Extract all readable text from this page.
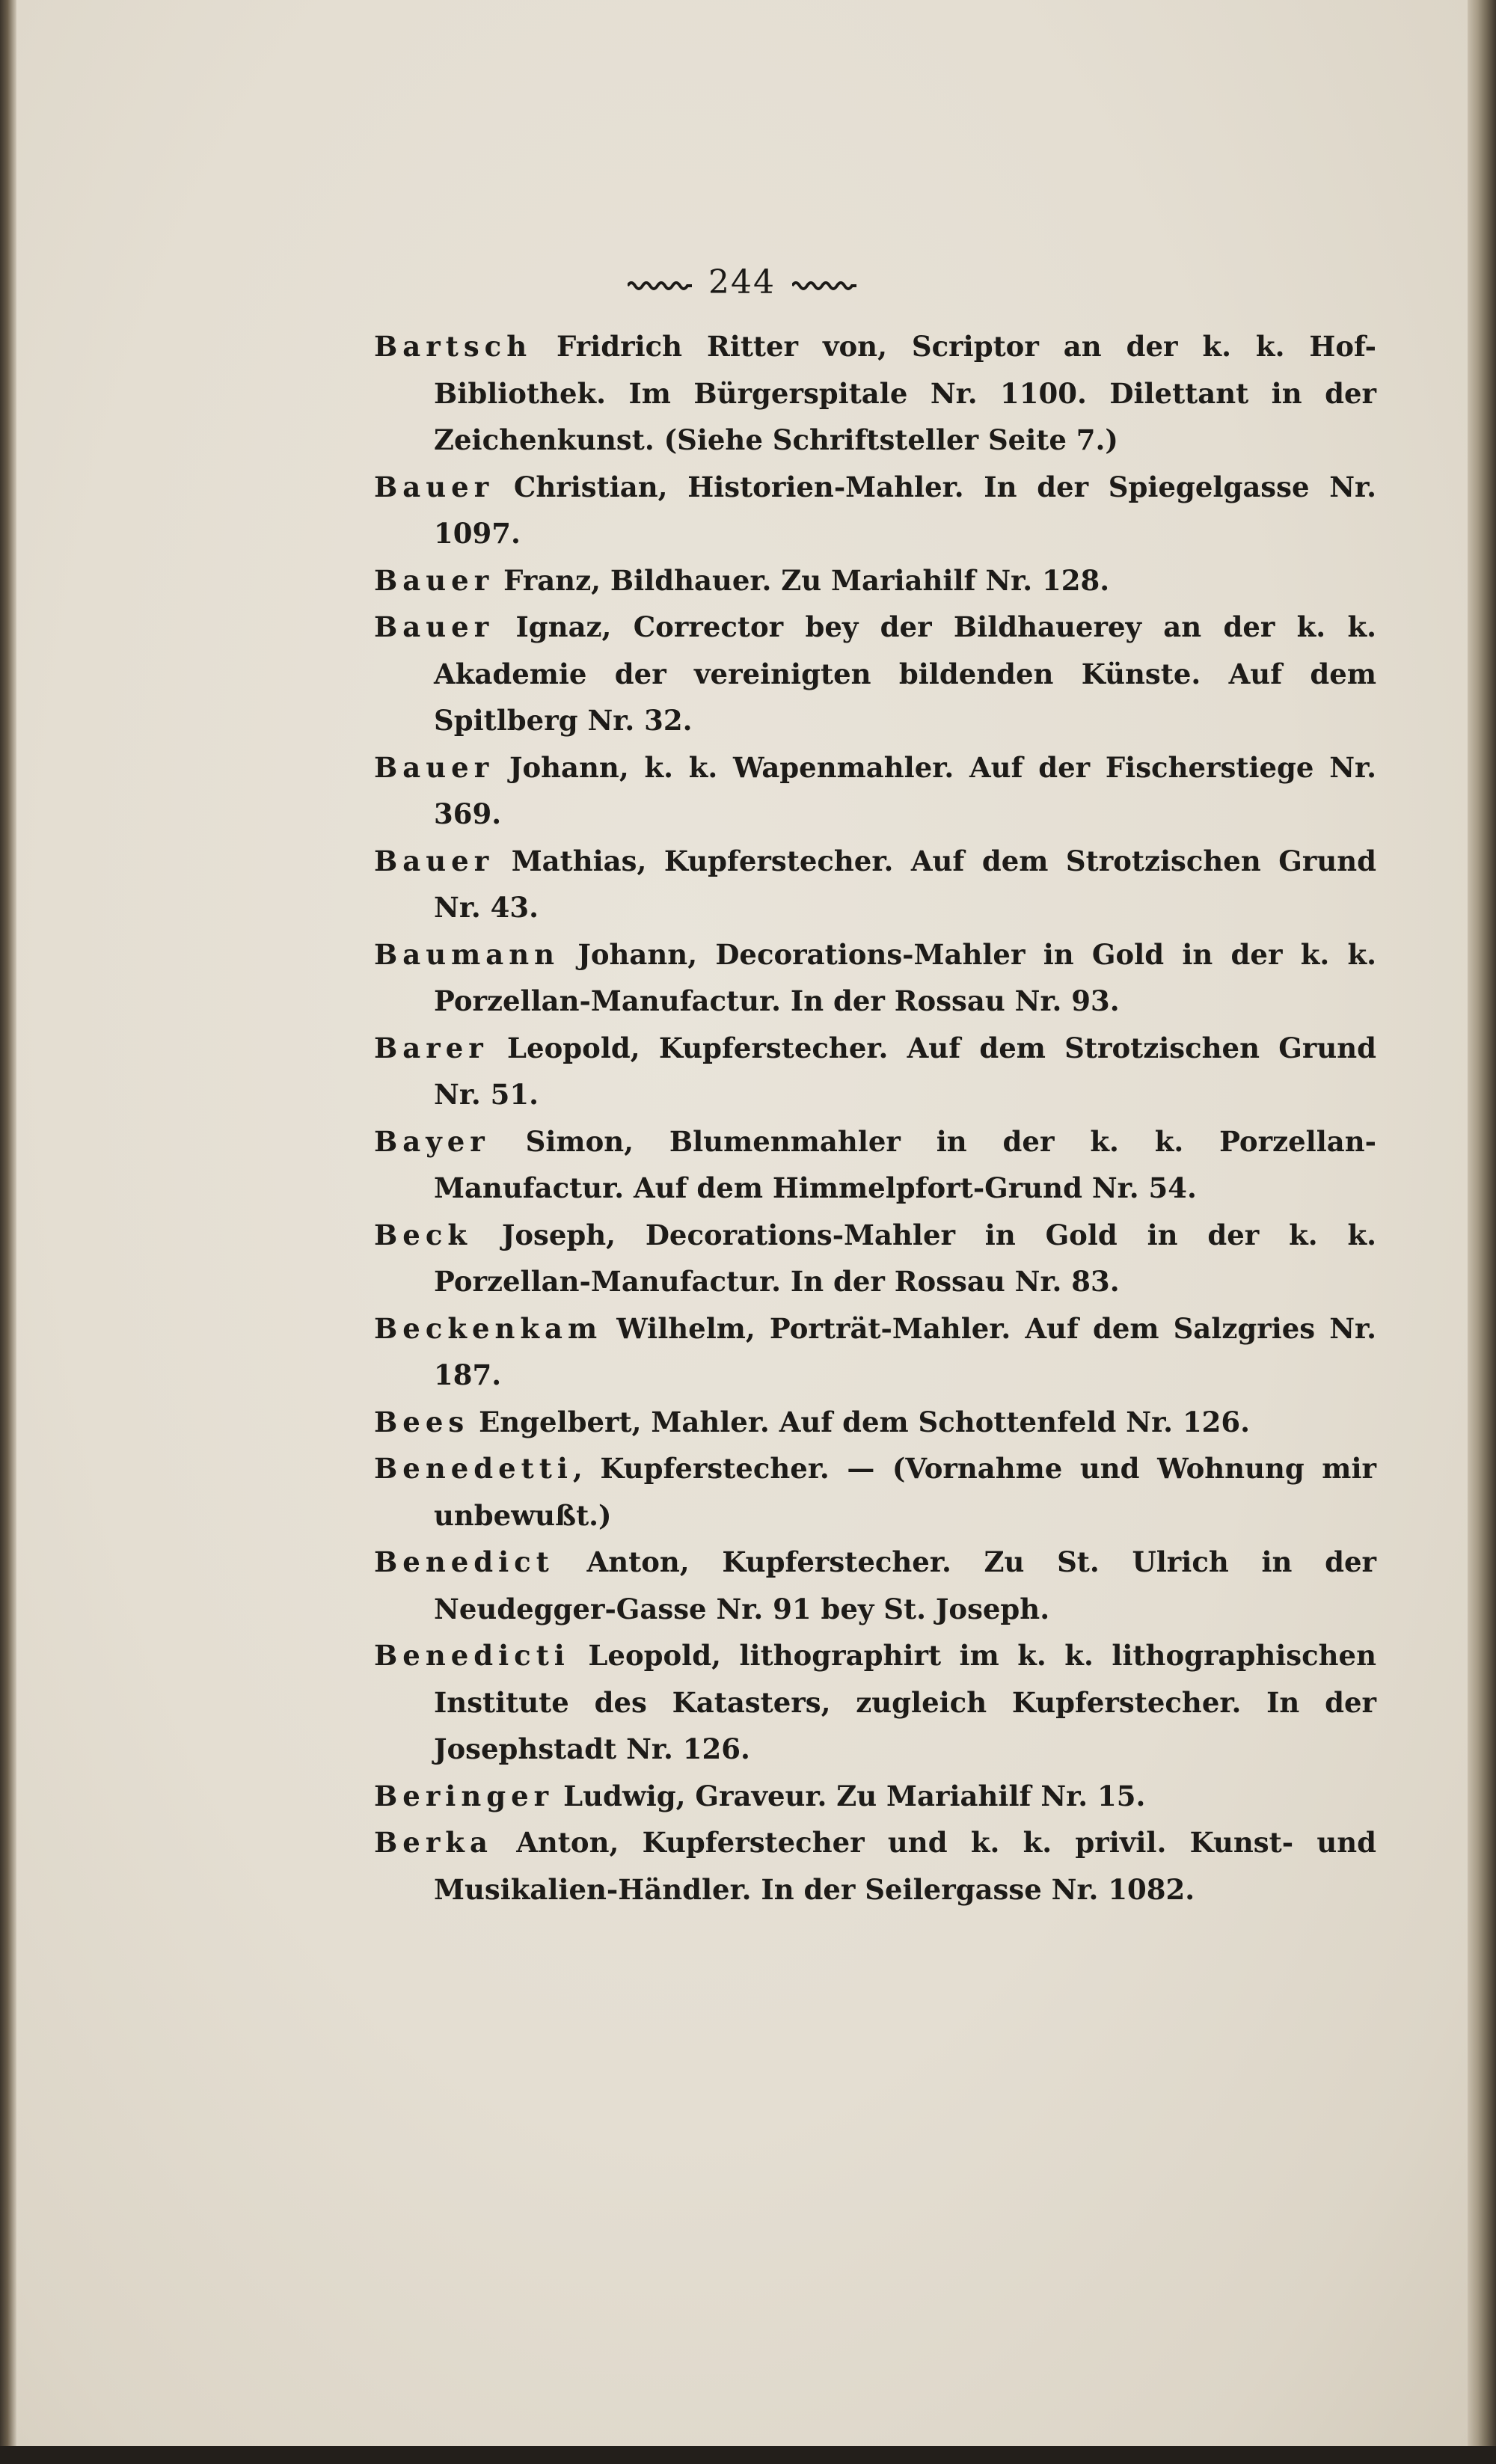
244

Bartsch Fridrich Ritter von, Scriptor an der k. k. Hof-Bibliothek. Im Bürgerspitale Nr. 1100. Dilettant in der Zeichenkunst. (Siehe Schriftsteller Seite 7.)

Bauer Christian, Historien-Mahler. In der Spiegelgasse Nr. 1097.

Bauer Franz, Bildhauer. Zu Mariahilf Nr. 128.

Bauer Ignaz, Corrector bey der Bildhauerey an der k. k. Akademie der vereinigten bildenden Künste. Auf dem Spitlberg Nr. 32.

Bauer Johann, k. k. Wapenmahler. Auf der Fischerstiege Nr. 369.

Bauer Mathias, Kupferstecher. Auf dem Strotzischen Grund Nr. 43.

Baumann Johann, Decorations-Mahler in Gold in der k. k. Porzellan-Manufactur. In der Rossau Nr. 93.

Barer Leopold, Kupferstecher. Auf dem Strotzischen Grund Nr. 51.

Bayer Simon, Blumenmahler in der k. k. Porzellan-Manufactur. Auf dem Himmelpfort-Grund Nr. 54.

Beck Joseph, Decorations-Mahler in Gold in der k. k. Porzellan-Manufactur. In der Rossau Nr. 83.

Beckenkam Wilhelm, Porträt-Mahler. Auf dem Salzgries Nr. 187.

Bees Engelbert, Mahler. Auf dem Schottenfeld Nr. 126.

Benedetti, Kupferstecher. — (Vornahme und Wohnung mir unbewußt.)

Benedict Anton, Kupferstecher. Zu St. Ulrich in der Neudegger-Gasse Nr. 91 bey St. Joseph.

Benedicti Leopold, lithographirt im k. k. lithographischen Institute des Katasters, zugleich Kupferstecher. In der Josephstadt Nr. 126.

Beringer Ludwig, Graveur. Zu Mariahilf Nr. 15.

Berka Anton, Kupferstecher und k. k. privil. Kunst- und Musikalien-Händler. In der Seilergasse Nr. 1082.
